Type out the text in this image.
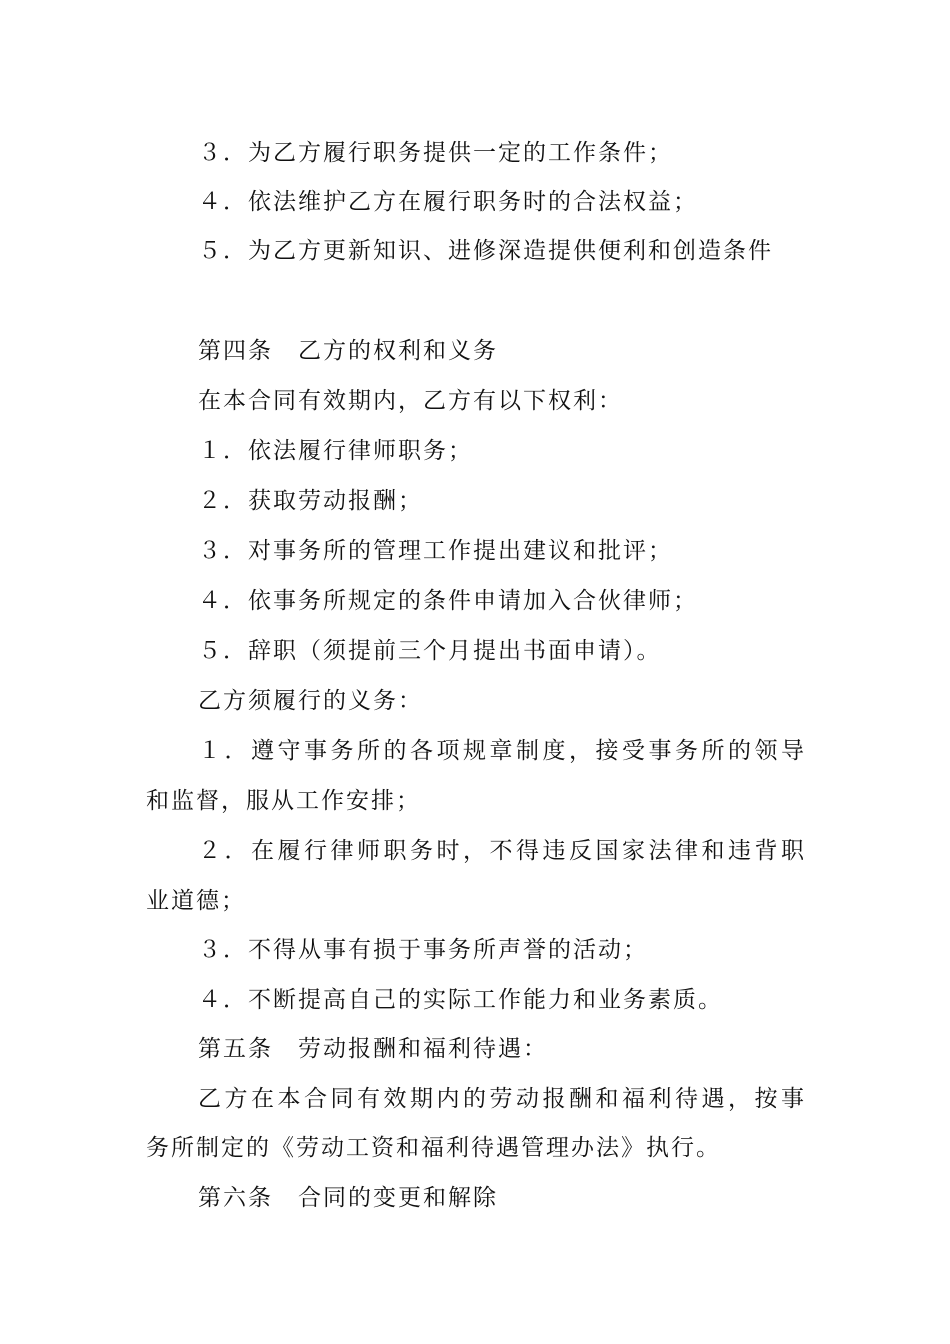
３．为乙方履行职务提供一定的工作条件；
４．依法维护乙方在履行职务时的合法权益；
５．为乙方更新知识、进修深造提供便利和创造条件
第四条　乙方的权利和义务
在本合同有效期内，乙方有以下权利：
１．依法履行律师职务；
２．获取劳动报酬；
３．对事务所的管理工作提出建议和批评；
４．依事务所规定的条件申请加入合伙律师；
５．辞职（须提前三个月提出书面申请）。
乙方须履行的义务：
１．遵守事务所的各项规章制度，接受事务所的领导
和监督，服从工作安排；
２．在履行律师职务时，不得违反国家法律和违背职
业道德；
３．不得从事有损于事务所声誉的活动；
４．不断提高自己的实际工作能力和业务素质。
第五条　劳动报酬和福利待遇：
乙方在本合同有效期内的劳动报酬和福利待遇，按事
务所制定的《劳动工资和福利待遇管理办法》执行。
第六条　合同的变更和解除
